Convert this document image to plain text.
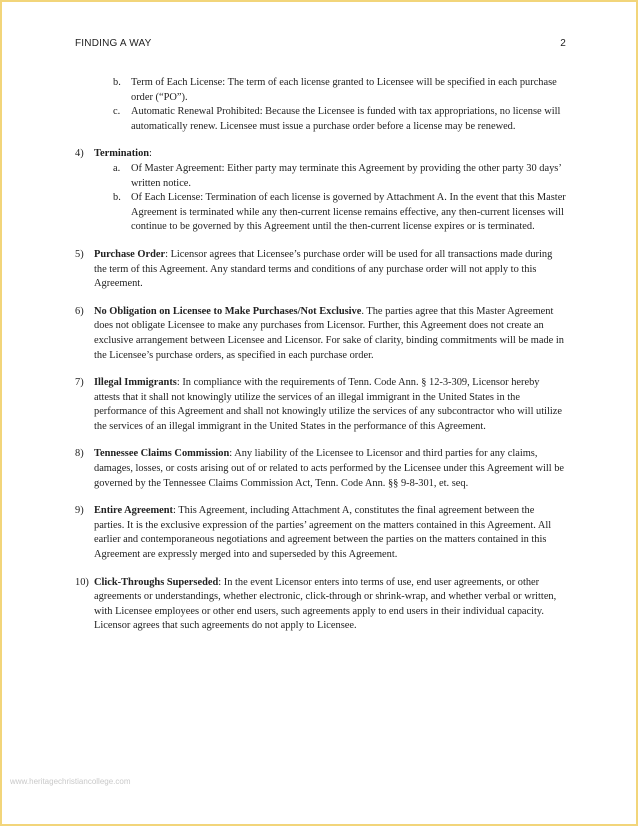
FINDING A WAY	2
b. Term of Each License: The term of each license granted to Licensee will be specified in each purchase order (“PO”).
c.	Automatic Renewal Prohibited: Because the Licensee is funded with tax appropriations, no license will automatically renew. Licensee must issue a purchase order before a license may be renewed.
4) Termination:
a.	Of Master Agreement: Either party may terminate this Agreement by providing the other party 30 days’ written notice.
b. Of Each License: Termination of each license is governed by Attachment A. In the event that this Master Agreement is terminated while any then-current license remains effective, any then-current licenses will continue to be governed by this Agreement until the then-current license expires or is terminated.
5) Purchase Order: Licensor agrees that Licensee’s purchase order will be used for all transactions made during the term of this Agreement. Any standard terms and conditions of any purchase order will not apply to this Agreement.
6) No Obligation on Licensee to Make Purchases/Not Exclusive. The parties agree that this Master Agreement does not obligate Licensee to make any purchases from Licensor. Further, this Agreement does not create an exclusive arrangement between Licensee and Licensor. For sake of clarity, binding commitments will be made in the Licensee’s purchase orders, as specified in each purchase order.
7) Illegal Immigrants: In compliance with the requirements of Tenn. Code Ann. § 12-3-309, Licensor hereby attests that it shall not knowingly utilize the services of an illegal immigrant in the United States in the performance of this Agreement and shall not knowingly utilize the services of any subcontractor who will utilize the services of an illegal immigrant in the United States in the performance of this Agreement.
8) Tennessee Claims Commission: Any liability of the Licensee to Licensor and third parties for any claims, damages, losses, or costs arising out of or related to acts performed by the Licensee under this Agreement will be governed by the Tennessee Claims Commission Act, Tenn. Code Ann. §§ 9-8-301, et. seq.
9) Entire Agreement: This Agreement, including Attachment A, constitutes the final agreement between the parties. It is the exclusive expression of the parties’ agreement on the matters contained in this Agreement. All earlier and contemporaneous negotiations and agreement between the parties on the matters contained in this Agreement are expressly merged into and superseded by this Agreement.
10) Click-Throughs Superseded: In the event Licensor enters into terms of use, end user agreements, or other agreements or understandings, whether electronic, click-through or shrink-wrap, and whether verbal or written, with Licensee employees or other end users, such agreements apply to end users in their individual capacity. Licensor agrees that such agreements do not apply to Licensee.
www.heritagechristiancollege.com
